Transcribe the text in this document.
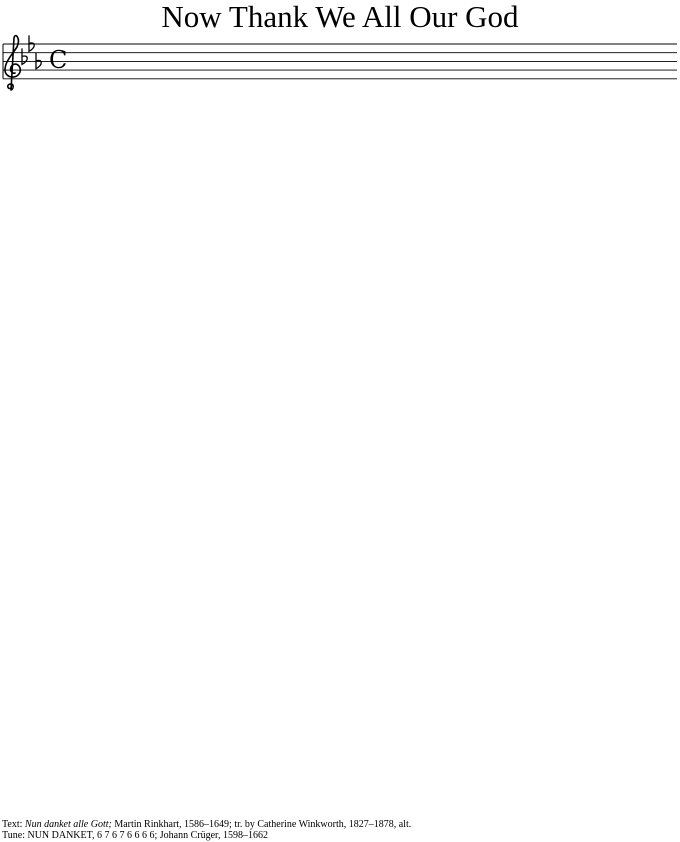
Now Thank We All Our God
C
Text: Nun danket alle Gott; Martin Rinkhart, 1586–1649; tr. by Catherine Winkworth, 1827–1878, alt.
Tune: NUN DANKET, 6 7 6 7 6 6 6 6; Johann Crüger, 1598–1662
